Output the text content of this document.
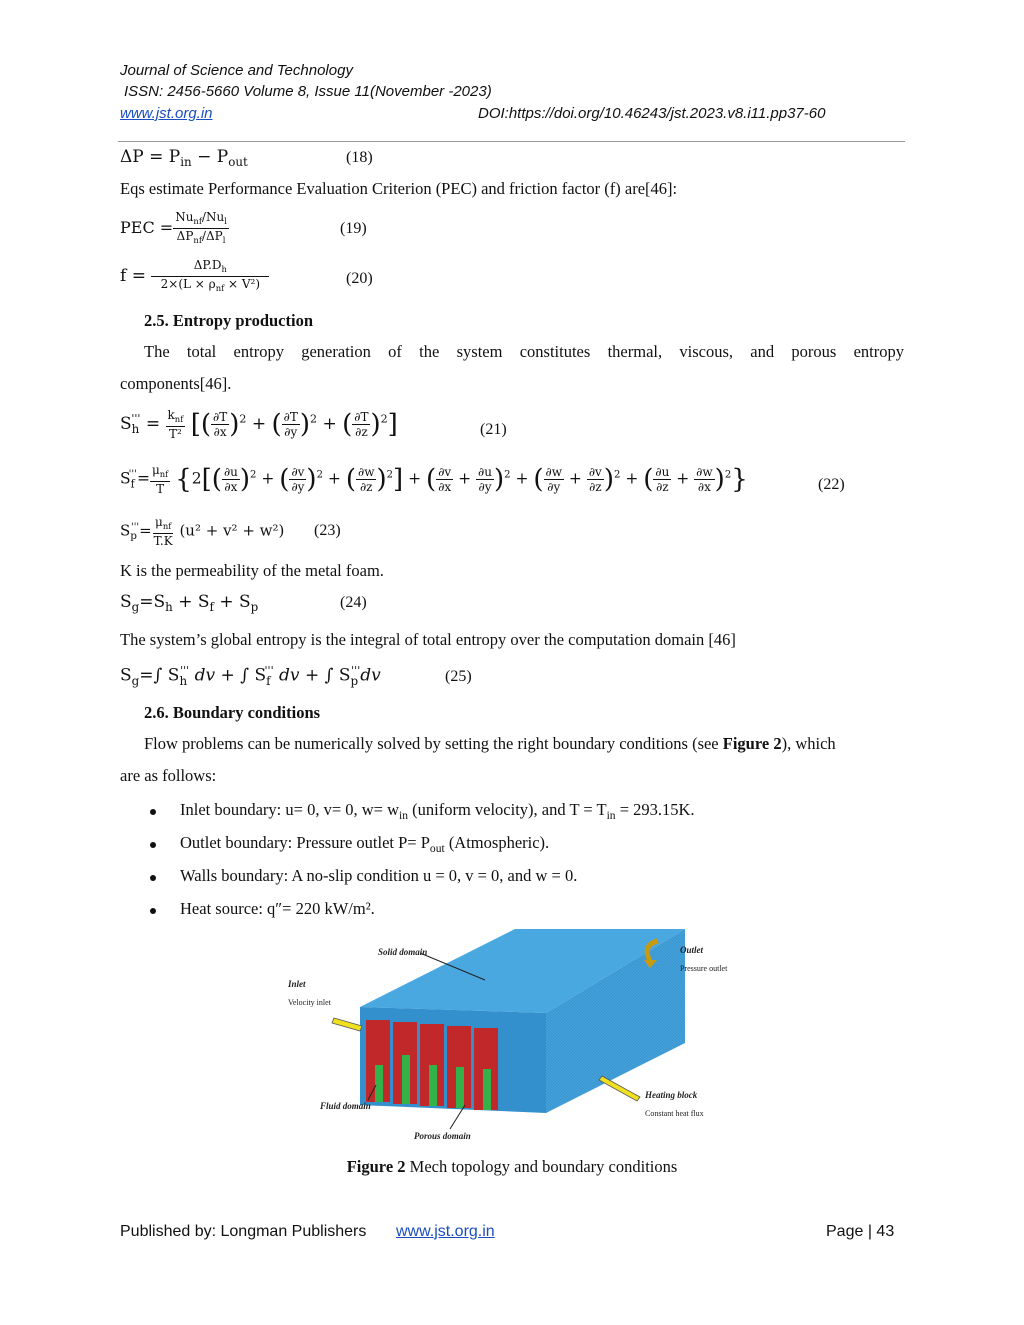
Journal of Science and Technology
ISSN: 2456-5660 Volume 8, Issue 11(November -2023)
www.jst.org.in	DOI:https://doi.org/10.46243/jst.2023.v8.i11.pp37-60
$\Delta P = P_{in} - P_{out}$	(18)
Eqs estimate Performance Evaluation Criterion (PEC) and friction factor (f) are[46]:
PEC = $\frac{Nu_{nf}/Nu_l}{\Delta P_{nf}/\Delta P_l}$	(19)
$f = \frac{\Delta P.D_h}{2\times(L \times \rho_{nf} \times V^2)}$	(20)
2.5. Entropy production
The total entropy generation of the system constitutes thermal, viscous, and porous entropy
components[46].
$S_h''' = \frac{k_{nf}}{\text{T²}}$ [( $\frac{\partial T}{\partial x} )^2$ + ( $\frac{\partial T}{\partial y} )^2$ + ( $\frac{\partial T}{\partial z} )^2$]	(21)
$S_f'''= \frac{\mu_{nf}}{T} \{2[( \frac{\partial u}{\partial x} )^2$ + ( $\frac{\partial v}{\partial y} )^2$ + ( $\frac{\partial w}{\partial z} )^2$] + ( $\frac{\partial v}{\partial x} + \frac{\partial u}{\partial y} )^2$ + ( $\frac{\partial w}{\partial y} + \frac{\partial v}{\partial z} )^2$ + ( $\frac{\partial u}{\partial z} + \frac{\partial w}{\partial x} )^2$}	(22)
$S_p'''= \frac{\mu_{nf}}{T.K} (u^2 + v^2 + w^2)$ (23)
K is the permeability of the metal foam.
$S_g=S_h + S_f + S_p$	(24)
The system’s global entropy is the integral of total entropy over the computation domain [46]
$S_g=\int$ $S_h'''$ dv + ∫ $S_f'''$ dv + ∫ $S_p'''dv$	(25)
2.6. Boundary conditions
Flow problems can be numerically solved by setting the right boundary conditions (see Figure 2), which
are as follows:
Inlet boundary: u= 0, v= 0, $w= w_{in}$ (uniform velocity), and $T = T_{in} = 293.15K$.
Outlet boundary: Pressure outlet $P= P_{out}$ (Atmospheric).
Walls boundary: A no-slip condition u = 0, v = 0, and w = 0.
Heat source: q″= 220 kW/m².
Solid domain	Outlet
Pressure outlet
Inlet
Velocity inlet
Fluid domain
Heating block
Constant heat flux
Porous domain
Figure 2 Mech topology and boundary conditions
Published by: Longman Publishers www.jst.org.in	Page | 43
